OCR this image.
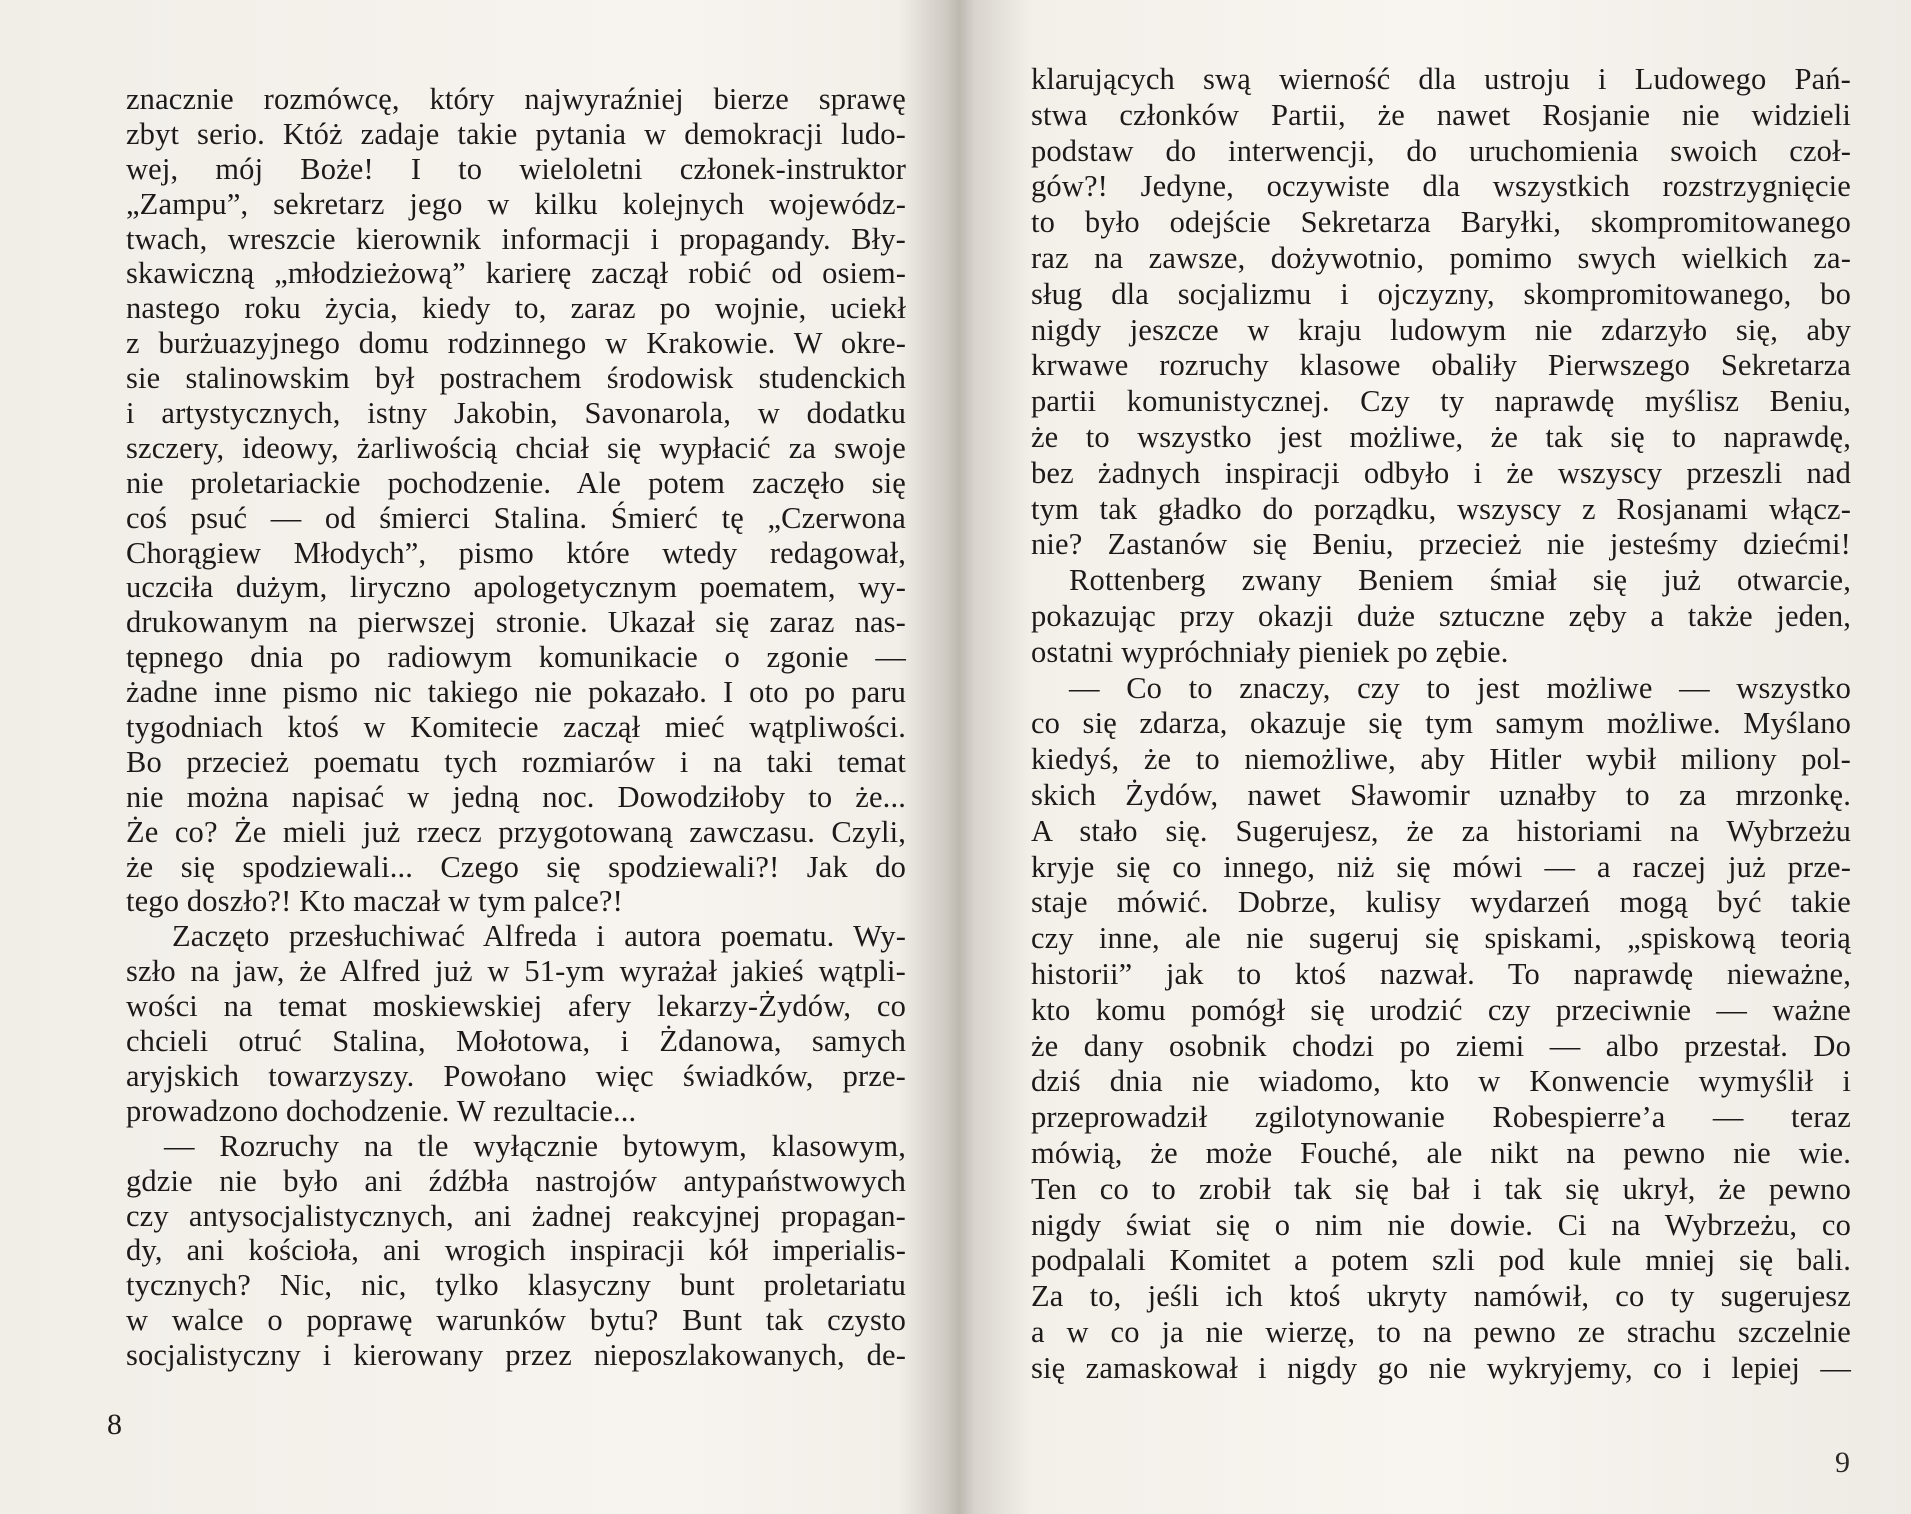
znacznie rozmówcę, który najwyraźniej bierze sprawę
zbyt serio. Któż zadaje takie pytania w demokracji ludo-
wej, mój Boże! I to wieloletni członek-instruktor
„Zampu”, sekretarz jego w kilku kolejnych wojewódz-
twach, wreszcie kierownik informacji i propagandy. Bły-
skawiczną „młodzieżową” karierę zaczął robić od osiem-
nastego roku życia, kiedy to, zaraz po wojnie, uciekł
z burżuazyjnego domu rodzinnego w Krakowie. W okre-
sie stalinowskim był postrachem środowisk studenckich
i artystycznych, istny Jakobin, Savonarola, w dodatku
szczery, ideowy, żarliwością chciał się wypłacić za swoje
nie proletariackie pochodzenie. Ale potem zaczęło się
coś psuć — od śmierci Stalina. Śmierć tę „Czerwona
Chorągiew Młodych”, pismo które wtedy redagował,
uczciła dużym, liryczno apologetycznym poematem, wy-
drukowanym na pierwszej stronie. Ukazał się zaraz nas-
tępnego dnia po radiowym komunikacie o zgonie —
żadne inne pismo nic takiego nie pokazało. I oto po paru
tygodniach ktoś w Komitecie zaczął mieć wątpliwości.
Bo przecież poematu tych rozmiarów i na taki temat
nie można napisać w jedną noc. Dowodziłoby to że...
Że co? Że mieli już rzecz przygotowaną zawczasu. Czyli,
że się spodziewali... Czego się spodziewali?! Jak do
tego doszło?! Kto maczał w tym palce?!
Zaczęto przesłuchiwać Alfreda i autora poematu. Wy-
szło na jaw, że Alfred już w 51-ym wyrażał jakieś wątpli-
wości na temat moskiewskiej afery lekarzy-Żydów, co
chcieli otruć Stalina, Mołotowa, i Żdanowa, samych
aryjskich towarzyszy. Powołano więc świadków, prze-
prowadzono dochodzenie. W rezultacie...
— Rozruchy na tle wyłącznie bytowym, klasowym,
gdzie nie było ani źdźbła nastrojów antypaństwowych
czy antysocjalistycznych, ani żadnej reakcyjnej propagan-
dy, ani kościoła, ani wrogich inspiracji kół imperialis-
tycznych? Nic, nic, tylko klasyczny bunt proletariatu
w walce o poprawę warunków bytu? Bunt tak czysto
socjalistyczny i kierowany przez nieposzlakowanych, de-
8
klarujących swą wierność dla ustroju i Ludowego Pań-
stwa członków Partii, że nawet Rosjanie nie widzieli
podstaw do interwencji, do uruchomienia swoich czoł-
gów?! Jedyne, oczywiste dla wszystkich rozstrzygnięcie
to było odejście Sekretarza Baryłki, skompromitowanego
raz na zawsze, dożywotnio, pomimo swych wielkich za-
sług dla socjalizmu i ojczyzny, skompromitowanego, bo
nigdy jeszcze w kraju ludowym nie zdarzyło się, aby
krwawe rozruchy klasowe obaliły Pierwszego Sekretarza
partii komunistycznej. Czy ty naprawdę myślisz Beniu,
że to wszystko jest możliwe, że tak się to naprawdę,
bez żadnych inspiracji odbyło i że wszyscy przeszli nad
tym tak gładko do porządku, wszyscy z Rosjanami włącz-
nie? Zastanów się Beniu, przecież nie jesteśmy dziećmi!
Rottenberg zwany Beniem śmiał się już otwarcie,
pokazując przy okazji duże sztuczne zęby a także jeden,
ostatni wypróchniały pieniek po zębie.
— Co to znaczy, czy to jest możliwe — wszystko
co się zdarza, okazuje się tym samym możliwe. Myślano
kiedyś, że to niemożliwe, aby Hitler wybił miliony pol-
skich Żydów, nawet Sławomir uznałby to za mrzonkę.
A stało się. Sugerujesz, że za historiami na Wybrzeżu
kryje się co innego, niż się mówi — a raczej już prze-
staje mówić. Dobrze, kulisy wydarzeń mogą być takie
czy inne, ale nie sugeruj się spiskami, „spiskową teorią
historii” jak to ktoś nazwał. To naprawdę nieważne,
kto komu pomógł się urodzić czy przeciwnie — ważne
że dany osobnik chodzi po ziemi — albo przestał. Do
dziś dnia nie wiadomo, kto w Konwencie wymyślił i
przeprowadził zgilotynowanie Robespierre’a — teraz
mówią, że może Fouché, ale nikt na pewno nie wie.
Ten co to zrobił tak się bał i tak się ukrył, że pewno
nigdy świat się o nim nie dowie. Ci na Wybrzeżu, co
podpalali Komitet a potem szli pod kule mniej się bali.
Za to, jeśli ich ktoś ukryty namówił, co ty sugerujesz
a w co ja nie wierzę, to na pewno ze strachu szczelnie
się zamaskował i nigdy go nie wykryjemy, co i lepiej —
9
